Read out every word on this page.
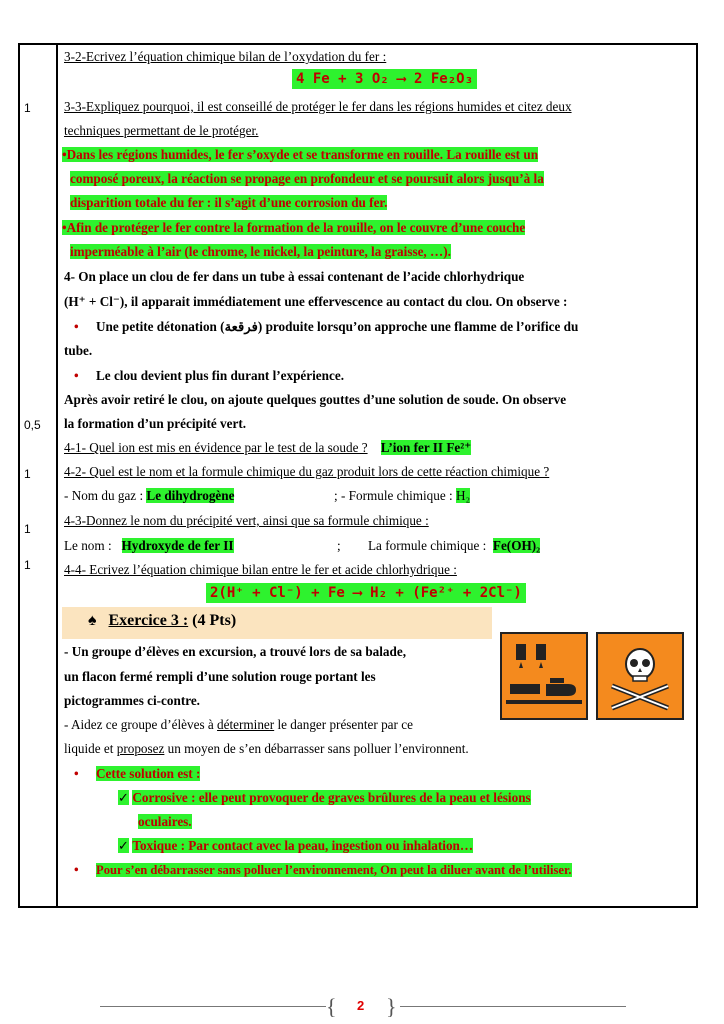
1
0,5
1
1
1
3-2-Ecrivez l’équation chimique bilan de l’oxydation du fer :
4 Fe + 3 O₂ ⟶ 2 Fe₂O₃
3-3-Expliquez pourquoi, il est conseillé de protéger le fer dans les régions humides et citez deux
techniques permettant de le protéger.
•Dans les régions humides, le fer s’oxyde et se transforme en rouille. La rouille est un
composé poreux, la réaction se propage en profondeur et se poursuit alors jusqu’à la
disparition totale du fer : il s’agit d’une corrosion du fer.
•Afin de protéger le fer contre la formation de la rouille, on le couvre d’une couche
imperméable à l’air (le chrome, le nickel, la peinture, la graisse, …).
4- On place un clou de fer dans un tube à essai contenant de l’acide chlorhydrique
(H⁺ + Cl⁻), il apparait immédiatement une effervescence au contact du clou. On observe :
• Une petite détonation (فرقعة) produite lorsqu’on approche une flamme de l’orifice du
tube.
• Le clou devient plus fin durant l’expérience.
Après avoir retiré le clou, on ajoute quelques gouttes d’une solution de soude. On observe
la formation d’un précipité vert.
4-1- Quel ion est mis en évidence par le test de la soude ? L’ion fer II Fe²⁺
4-2- Quel est le nom et la formule chimique du gaz produit lors de cette réaction chimique ?
- Nom du gaz : Le dihydrogène	; - Formule chimique : H₂
4-3-Donnez le nom du précipité vert, ainsi que sa formule chimique :
Le nom : Hydroxyde de fer II	; La formule chimique : Fe(OH)₂
4-4- Ecrivez l’équation chimique bilan entre le fer et acide chlorhydrique :
2(H⁺ + Cl⁻) + Fe ⟶ H₂ + (Fe²⁺ + 2Cl⁻)
♠ Exercice 3 : (4 Pts)
- Un groupe d’élèves en excursion, a trouvé lors de sa balade,
un flacon fermé rempli d’une solution rouge portant les
pictogrammes ci-contre.
- Aidez ce groupe d’élèves à déterminer le danger présenter par ce
liquide et proposez un moyen de s’en débarrasser sans polluer l’environnent.
• Cette solution est :
✓ Corrosive : elle peut provoquer de graves brûlures de la peau et lésions
oculaires.
✓ Toxique : Par contact avec la peau, ingestion ou inhalation…
• Pour s’en débarrasser sans polluer l’environnement, On peut la diluer avant de l’utiliser.
{ }
2
